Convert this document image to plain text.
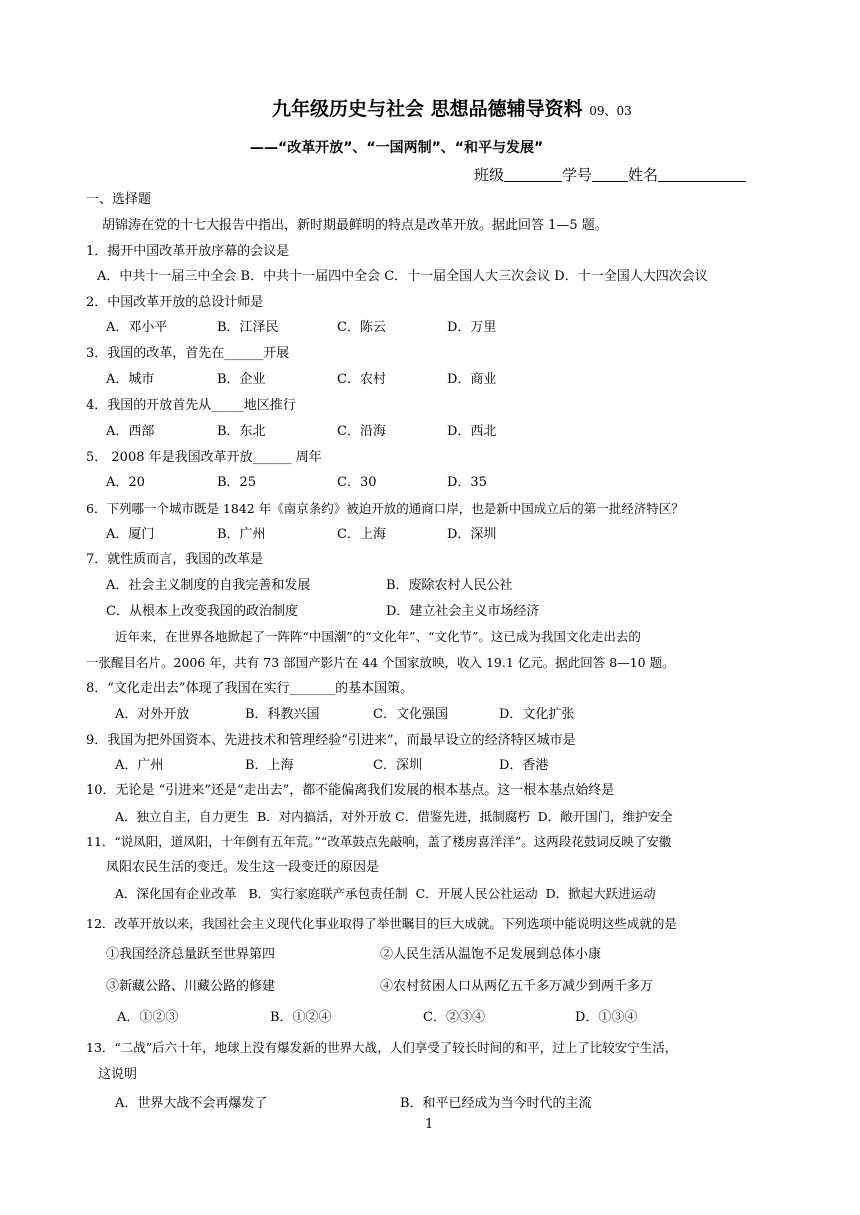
九年级历史与社会 思想品德辅导资料 09、03
——“改革开放”、“一国两制”、“和平与发展”
班级	学号 姓名
一、选择题
胡锦涛在党的十七大报告中指出，新时期最鲜明的特点是改革开放。据此回答 1—5 题。
1．揭开中国改革开放序幕的会议是
A．中共十一届三中全会 B．中共十一届四中全会 C．十一届全国人大三次会议 D．十一全国人大四次会议
2．中国改革开放的总设计师是
A．邓小平	B．江泽民	C．陈云	D．万里
3．我国的改革，首先在______开展
A．城市	B．企业	C．农村	D．商业
4．我国的开放首先从_____地区推行
A．西部	B．东北	C．沿海	D．西北
5． 2008 年是我国改革开放______ 周年
A．20	B．25	C．30	D．35
6．下列哪一个城市既是 1842 年《南京条约》被迫开放的通商口岸，也是新中国成立后的第一批经济特区？
A．厦门	B．广州	C．上海	D．深圳
7．就性质而言，我国的改革是
A．社会主义制度的自我完善和发展	B．废除农村人民公社
C．从根本上改变我国的政治制度	D．建立社会主义市场经济
近年来，在世界各地掀起了一阵阵“中国潮”的“文化年”、“文化节”。这已成为我国文化走出去的
一张醒目名片。2006 年，共有 73 部国产影片在 44 个国家放映，收入 19.1 亿元。据此回答 8—10 题。
8．“文化走出去”体现了我国在实行_______的基本国策。
A．对外开放	B．科教兴国	C．文化强国	D．文化扩张
9．我国为把外国资本、先进技术和管理经验“引进来”，而最早设立的经济特区城市是
A．广州	B．上海	C．深圳	D．香港
10．无论是 “引进来”还是“走出去”，都不能偏离我们发展的根本基点。这一根本基点始终是
A．独立自主，自力更生  B．对内搞活，对外开放 C．借鉴先进，抵制腐朽  D．敞开国门，维护安全
11．“说凤阳，道凤阳，十年倒有五年荒。”“改革鼓点先敲响，盖了楼房喜洋洋”。这两段花鼓词反映了安徽
凤阳农民生活的变迁。发生这一段变迁的原因是
A．深化国有企业改革   B．实行家庭联产承包责任制  C．开展人民公社运动  D．掀起大跃进运动
12．改革开放以来，我国社会主义现代化事业取得了举世瞩目的巨大成就。下列选项中能说明这些成就的是
①我国经济总量跃至世界第四	②人民生活从温饱不足发展到总体小康
③新藏公路、川藏公路的修建	④农村贫困人口从两亿五千多万减少到两千多万
A．①②③	B．①②④	C．②③④	D．①③④
13．“二战”后六十年，地球上没有爆发新的世界大战，人们享受了较长时间的和平，过上了比较安宁生活，
这说明
A．世界大战不会再爆发了	B．和平已经成为当今时代的主流
1
